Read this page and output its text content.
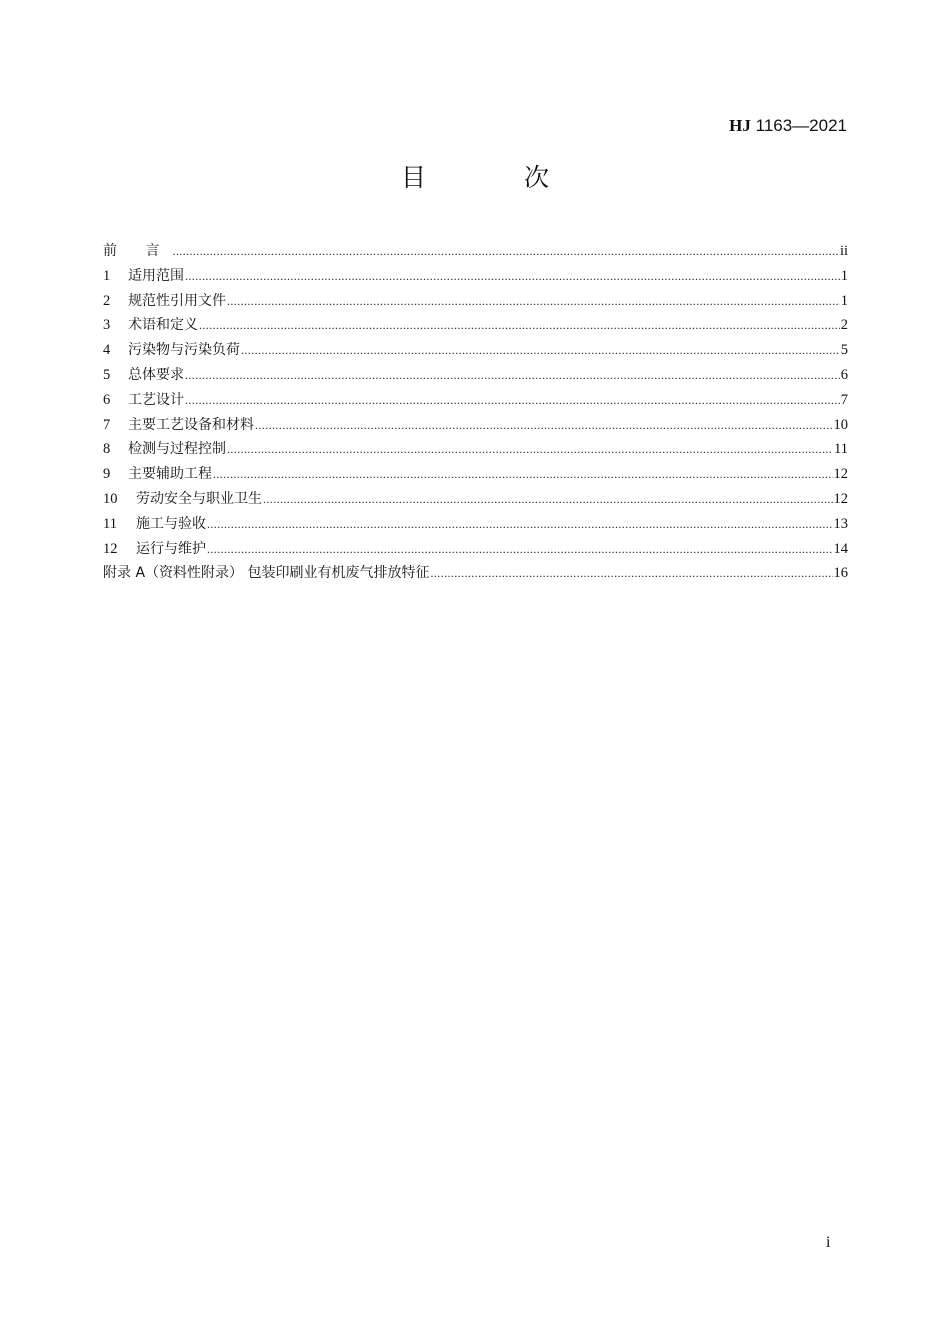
HJ 1163—2021
目 次
前 言 .....	ii
1	适用范围 .....	1
2	规范性引用文件 .....	1
3	术语和定义 .....	2
4	污染物与污染负荷 .....	5
5	总体要求 .....	6
6	工艺设计 .....	7
7	主要工艺设备和材料 .....	10
8	检测与过程控制 .....	11
9	主要辅助工程 .....	12
10	劳动安全与职业卫生 .....	12
11	施工与验收 .....	13
12	运行与维护 .....	14
附录 A（资料性附录） 包装印刷业有机废气排放特征 .....	16
i
